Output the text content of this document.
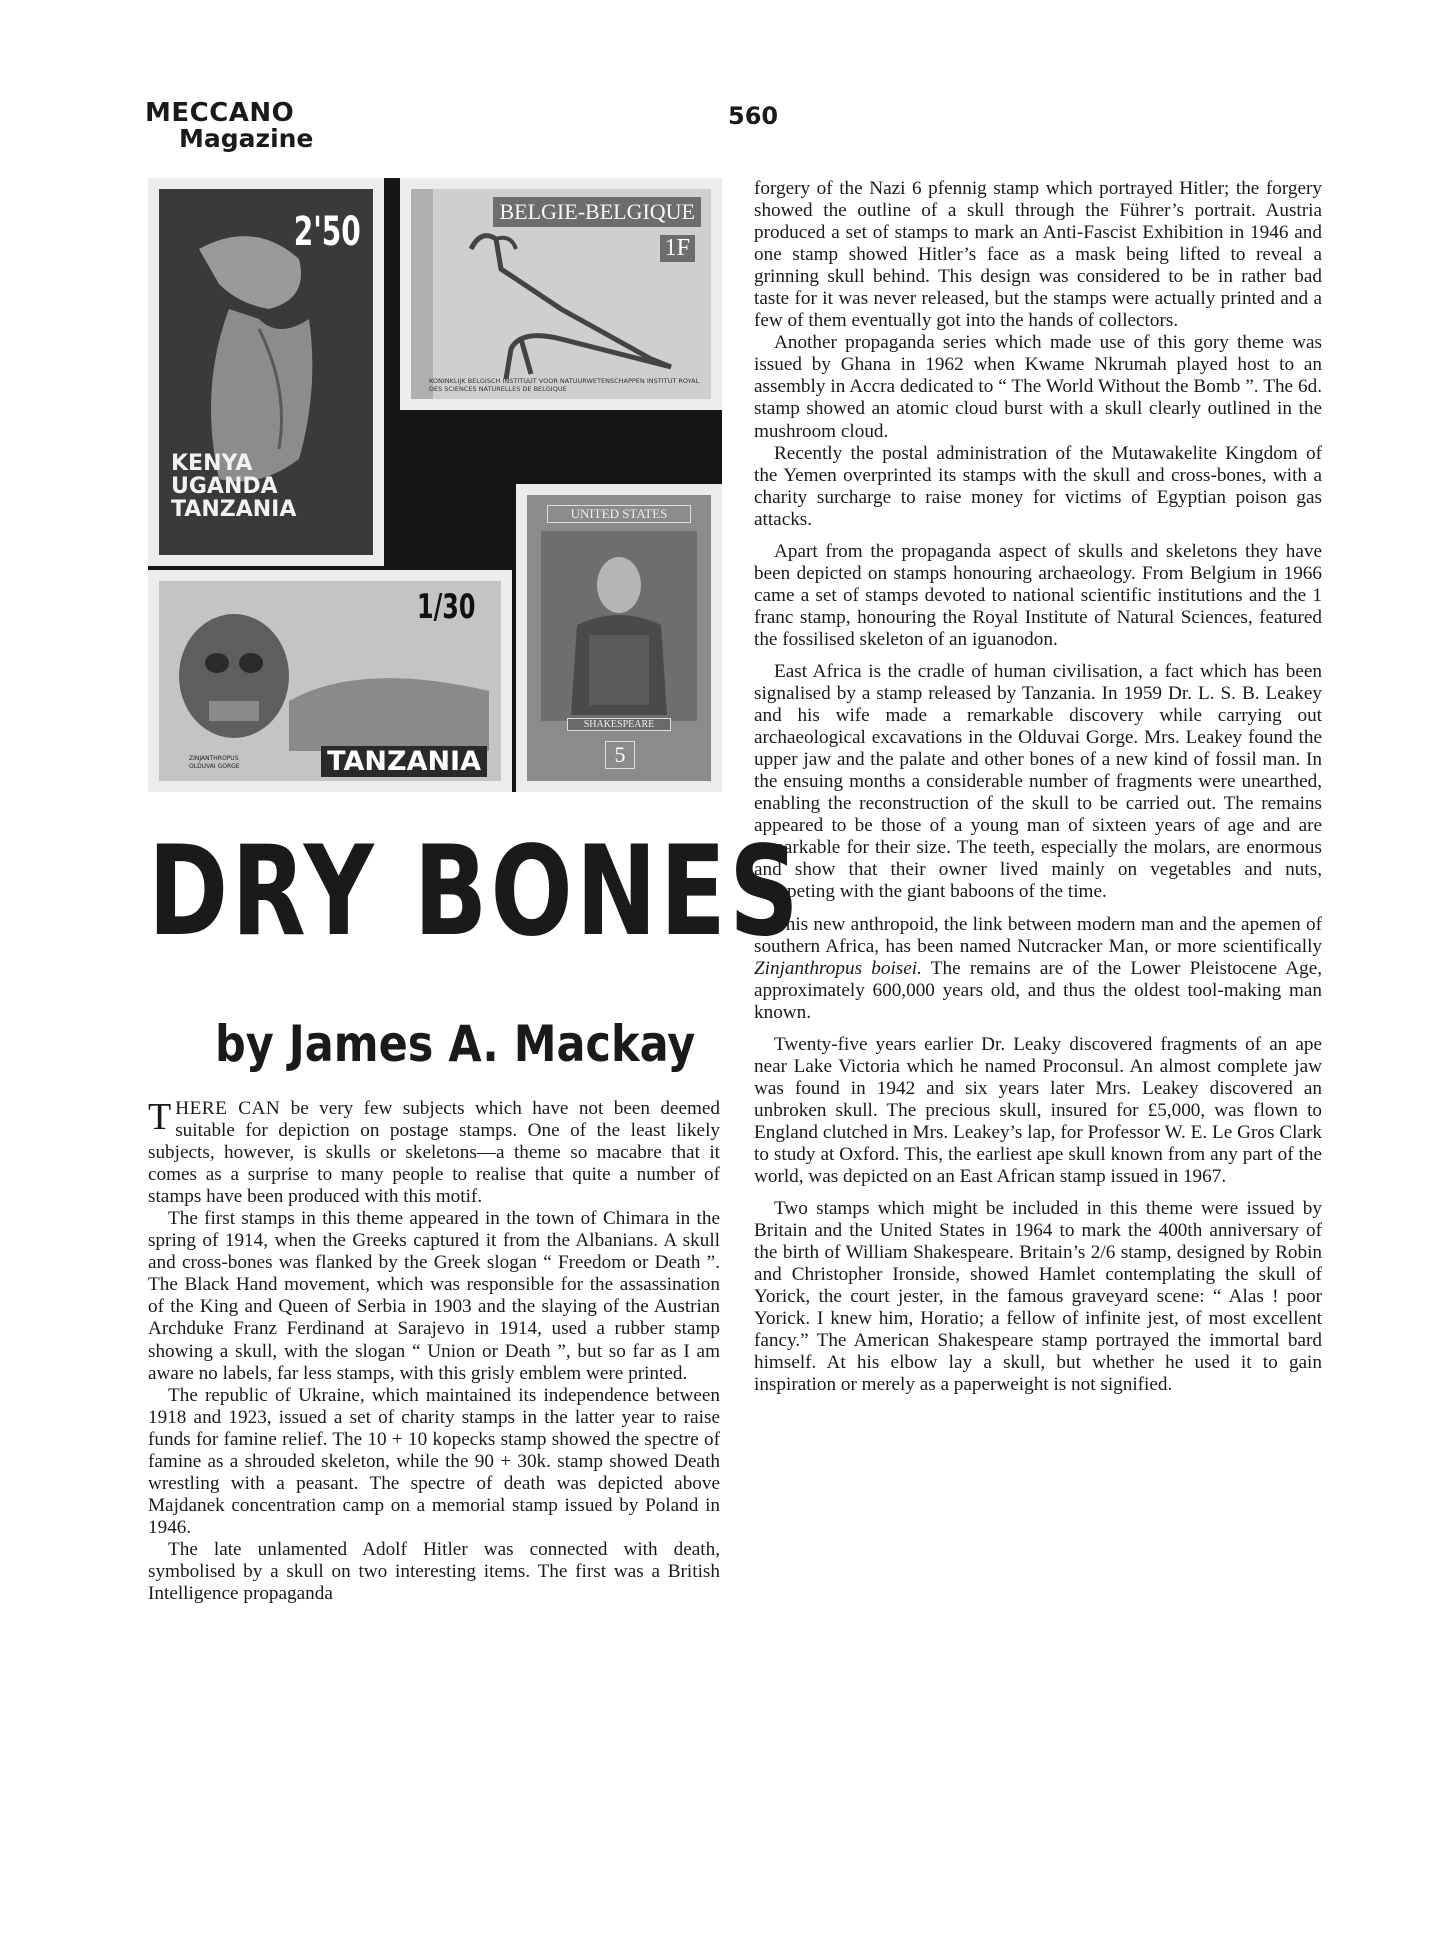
MECCANO
Magazine
560
2'50
KENYA
UGANDA
TANZANIA
BELGIE-BELGIQUE
1F
KONINKLIJK BELGISCH INSTITUUT VOOR NATUURWETENSCHAPPEN INSTITUT ROYAL DES SCIENCES NATURELLES DE BELGIQUE
1/30
ZINJANTHROPUS
OLDUVAI GORGE	TANZANIA
UNITED STATES
SHAKESPEARE
5
DRY BONES
by James A. Mackay

THERE CAN be very few subjects which have not been deemed suitable for depiction on postage stamps. One of the least likely subjects, however, is skulls or skeletons—a theme so macabre that it comes as a surprise to many people to realise that quite a number of stamps have been produced with this motif.

The first stamps in this theme appeared in the town of Chimara in the spring of 1914, when the Greeks captured it from the Albanians. A skull and cross-bones was flanked by the Greek slogan “ Freedom or Death ”. The Black Hand movement, which was responsible for the assassination of the King and Queen of Serbia in 1903 and the slaying of the Austrian Archduke Franz Ferdinand at Sarajevo in 1914, used a rubber stamp showing a skull, with the slogan “ Union or Death ”, but so far as I am aware no labels, far less stamps, with this grisly emblem were printed.

The republic of Ukraine, which maintained its independence between 1918 and 1923, issued a set of charity stamps in the latter year to raise funds for famine relief. The 10 + 10 kopecks stamp showed the spectre of famine as a shrouded skeleton, while the 90 + 30k. stamp showed Death wrestling with a peasant. The spectre of death was depicted above Majdanek concentration camp on a memorial stamp issued by Poland in 1946.

The late unlamented Adolf Hitler was connected with death, symbolised by a skull on two interesting items. The first was a British Intelligence propaganda

forgery of the Nazi 6 pfennig stamp which portrayed Hitler; the forgery showed the outline of a skull through the Führer’s portrait. Austria produced a set of stamps to mark an Anti-Fascist Exhibition in 1946 and one stamp showed Hitler’s face as a mask being lifted to reveal a grinning skull behind. This design was considered to be in rather bad taste for it was never released, but the stamps were actually printed and a few of them eventually got into the hands of collectors.

Another propaganda series which made use of this gory theme was issued by Ghana in 1962 when Kwame Nkrumah played host to an assembly in Accra dedicated to “ The World Without the Bomb ”. The 6d. stamp showed an atomic cloud burst with a skull clearly outlined in the mushroom cloud.

Recently the postal administration of the Mutawakelite Kingdom of the Yemen overprinted its stamps with the skull and cross-bones, with a charity surcharge to raise money for victims of Egyptian poison gas attacks.

Apart from the propaganda aspect of skulls and skeletons they have been depicted on stamps honouring archaeology. From Belgium in 1966 came a set of stamps devoted to national scientific institutions and the 1 franc stamp, honouring the Royal Institute of Natural Sciences, featured the fossilised skeleton of an iguanodon.

East Africa is the cradle of human civilisation, a fact which has been signalised by a stamp released by Tanzania. In 1959 Dr. L. S. B. Leakey and his wife made a remarkable discovery while carrying out archaeological excavations in the Olduvai Gorge. Mrs. Leakey found the upper jaw and the palate and other bones of a new kind of fossil man. In the ensuing months a considerable number of fragments were unearthed, enabling the reconstruction of the skull to be carried out. The remains appeared to be those of a young man of sixteen years of age and are remarkable for their size. The teeth, especially the molars, are enormous and show that their owner lived mainly on vegetables and nuts, competing with the giant baboons of the time.

This new anthropoid, the link between modern man and the apemen of southern Africa, has been named Nutcracker Man, or more scientifically Zinjanthropus boisei. The remains are of the Lower Pleistocene Age, approximately 600,000 years old, and thus the oldest tool-making man known.

Twenty-five years earlier Dr. Leaky discovered fragments of an ape near Lake Victoria which he named Proconsul. An almost complete jaw was found in 1942 and six years later Mrs. Leakey discovered an unbroken skull. The precious skull, insured for £5,000, was flown to England clutched in Mrs. Leakey’s lap, for Professor W. E. Le Gros Clark to study at Oxford. This, the earliest ape skull known from any part of the world, was depicted on an East African stamp issued in 1967.

Two stamps which might be included in this theme were issued by Britain and the United States in 1964 to mark the 400th anniversary of the birth of William Shakespeare. Britain’s 2/6 stamp, designed by Robin and Christopher Ironside, showed Hamlet contemplating the skull of Yorick, the court jester, in the famous graveyard scene: “ Alas ! poor Yorick. I knew him, Horatio; a fellow of infinite jest, of most excellent fancy.” The American Shakespeare stamp portrayed the immortal bard himself. At his elbow lay a skull, but whether he used it to gain inspiration or merely as a paperweight is not signified.
